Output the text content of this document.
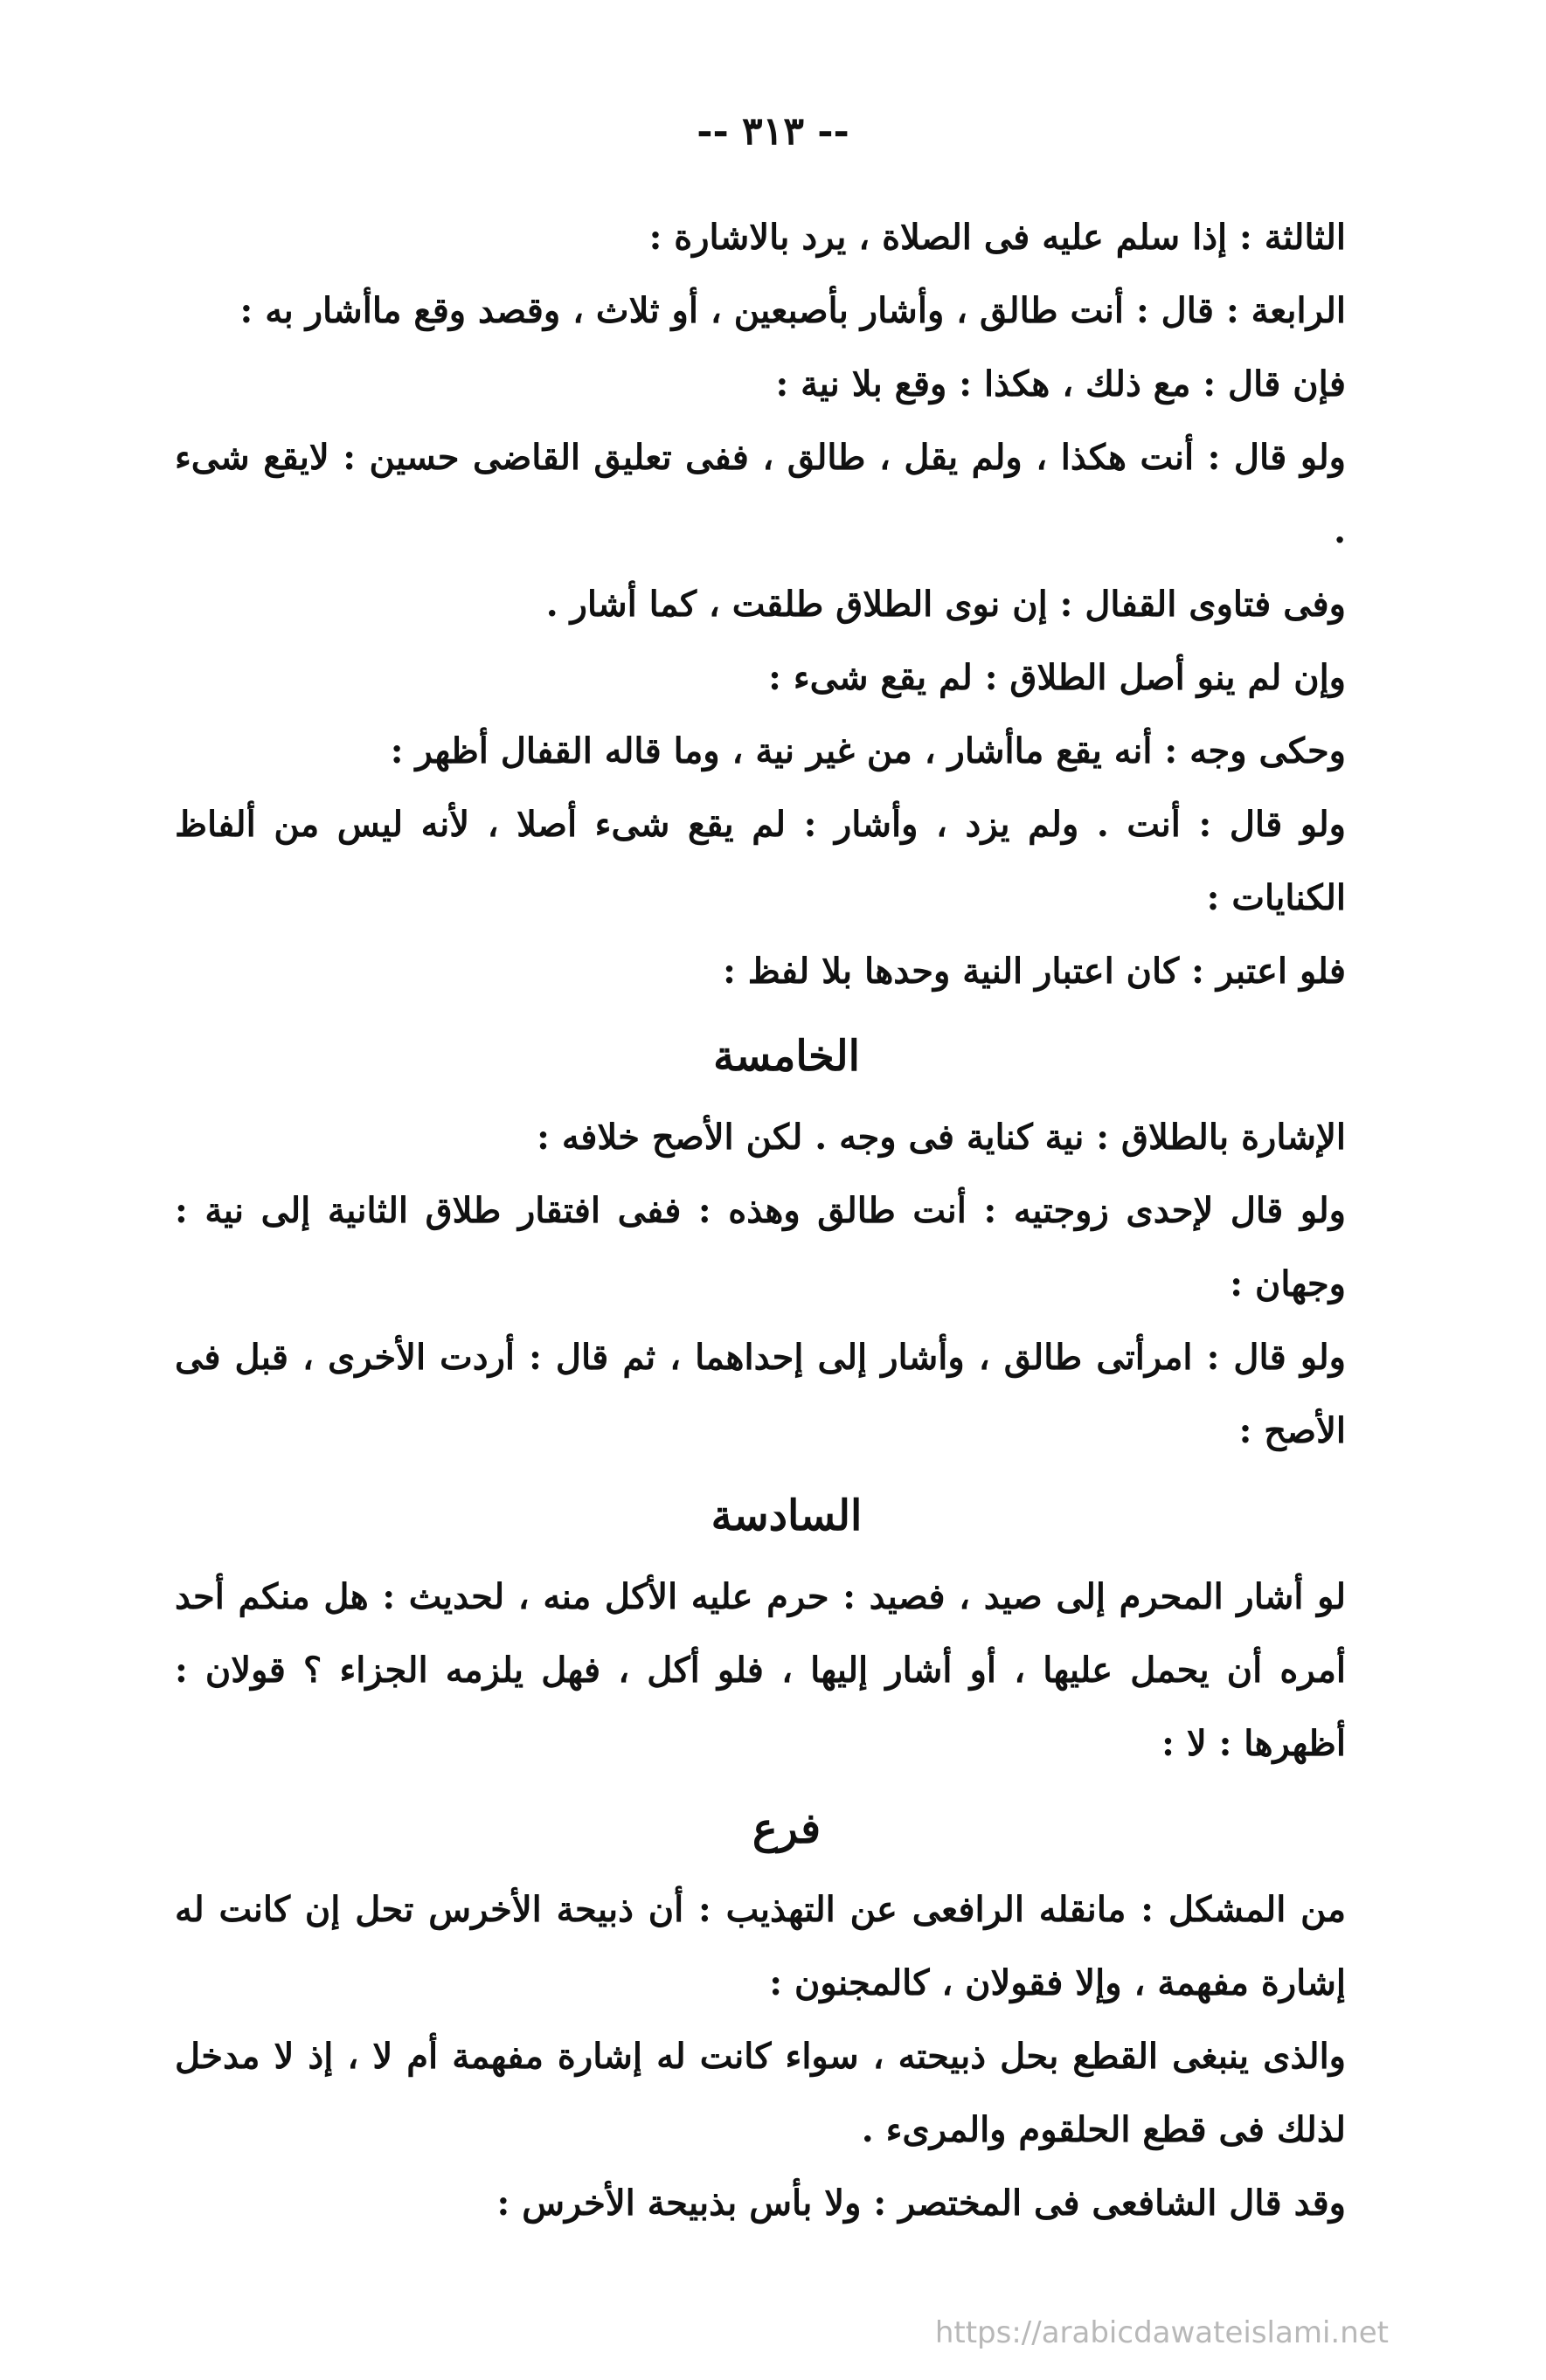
-- ٣١٣ --

الثالثة : إذا سلم عليه فى الصلاة ، يرد بالاشارة :

الرابعة : قال : أنت طالق ، وأشار بأصبعين ، أو ثلاث ، وقصد وقع ماأشار به :

فإن قال : مع ذلك ، هكذا : وقع بلا نية :

ولو قال : أنت هكذا ، ولم يقل ، طالق ، ففى تعليق القاضى حسين : لايقع شىء .

وفى فتاوى القفال : إن نوى الطلاق طلقت ، كما أشار .

وإن لم ينو أصل الطلاق : لم يقع شىء :

وحكى وجه : أنه يقع ماأشار ، من غير نية ، وما قاله القفال أظهر :

ولو قال : أنت . ولم يزد ، وأشار : لم يقع شىء أصلا ، لأنه ليس من ألفاظ الكنايات :

فلو اعتبر : كان اعتبار النية وحدها بلا لفظ :

الخامسة

الإشارة بالطلاق : نية كناية فى وجه . لكن الأصح خلافه :

ولو قال لإحدى زوجتيه : أنت طالق وهذه : ففى افتقار طلاق الثانية إلى نية : وجهان :

ولو قال : امرأتى طالق ، وأشار إلى إحداهما ، ثم قال : أردت الأخرى ، قبل فى الأصح :

السادسة

لو أشار المحرم إلى صيد ، فصيد : حرم عليه الأكل منه ، لحديث : هل منكم أحد أمره أن يحمل عليها ، أو أشار إليها ، فلو أكل ، فهل يلزمه الجزاء ؟ قولان : أظهرها : لا :

فرع

من المشكل : مانقله الرافعى عن التهذيب : أن ذبيحة الأخرس تحل إن كانت له إشارة مفهمة ، وإلا فقولان ، كالمجنون :

والذى ينبغى القطع بحل ذبيحته ، سواء كانت له إشارة مفهمة أم لا ، إذ لا مدخل لذلك فى قطع الحلقوم والمرىء .

وقد قال الشافعى فى المختصر : ولا بأس بذبيحة الأخرس :

https://arabicdawateislami.net
